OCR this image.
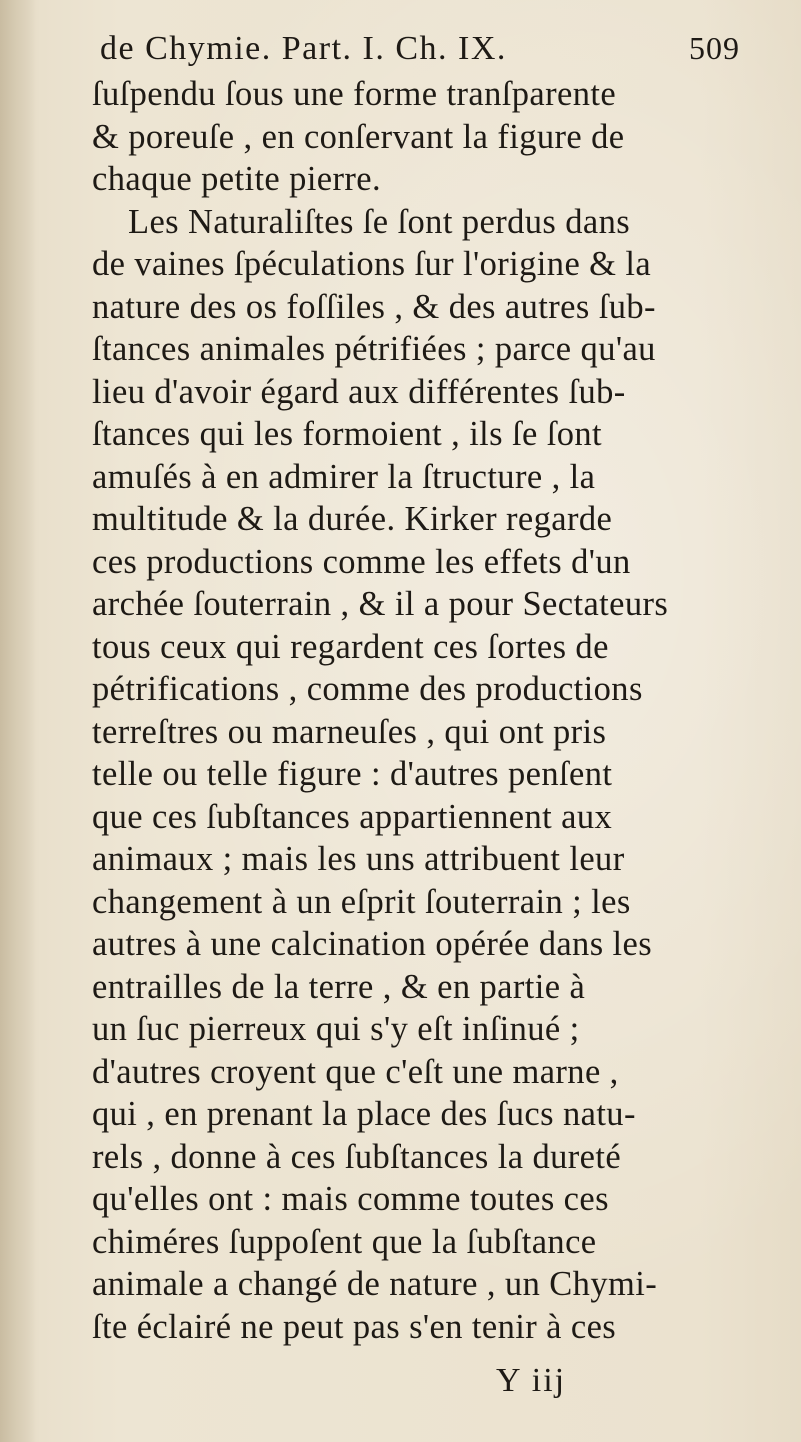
de Chymie. Part. I. Ch. IX.	509
ſuſpendu ſous une forme tranſparente
& poreuſe , en conſervant la figure de
chaque petite pierre.
Les Naturaliſtes ſe ſont perdus dans
de vaines ſpéculations ſur l'origine & la
nature des os foſſiles , & des autres ſub-
ſtances animales pétrifiées ; parce qu'au
lieu d'avoir égard aux différentes ſub-
ſtances qui les formoient , ils ſe ſont
amuſés à en admirer la ſtructure , la
multitude & la durée. Kirker regarde
ces productions comme les effets d'un
archée ſouterrain , & il a pour Sectateurs
tous ceux qui regardent ces ſortes de
pétrifications , comme des productions
terreſtres ou marneuſes , qui ont pris
telle ou telle figure : d'autres penſent
que ces ſubſtances appartiennent aux
animaux ; mais les uns attribuent leur
changement à un eſprit ſouterrain ; les
autres à une calcination opérée dans les
entrailles de la terre , & en partie à
un ſuc pierreux qui s'y eſt inſinué ;
d'autres croyent que c'eſt une marne ,
qui , en prenant la place des ſucs natu-
rels , donne à ces ſubſtances la dureté
qu'elles ont : mais comme toutes ces
chiméres ſuppoſent que la ſubſtance
animale a changé de nature , un Chymi-
ſte éclairé ne peut pas s'en tenir à ces
Y iij
